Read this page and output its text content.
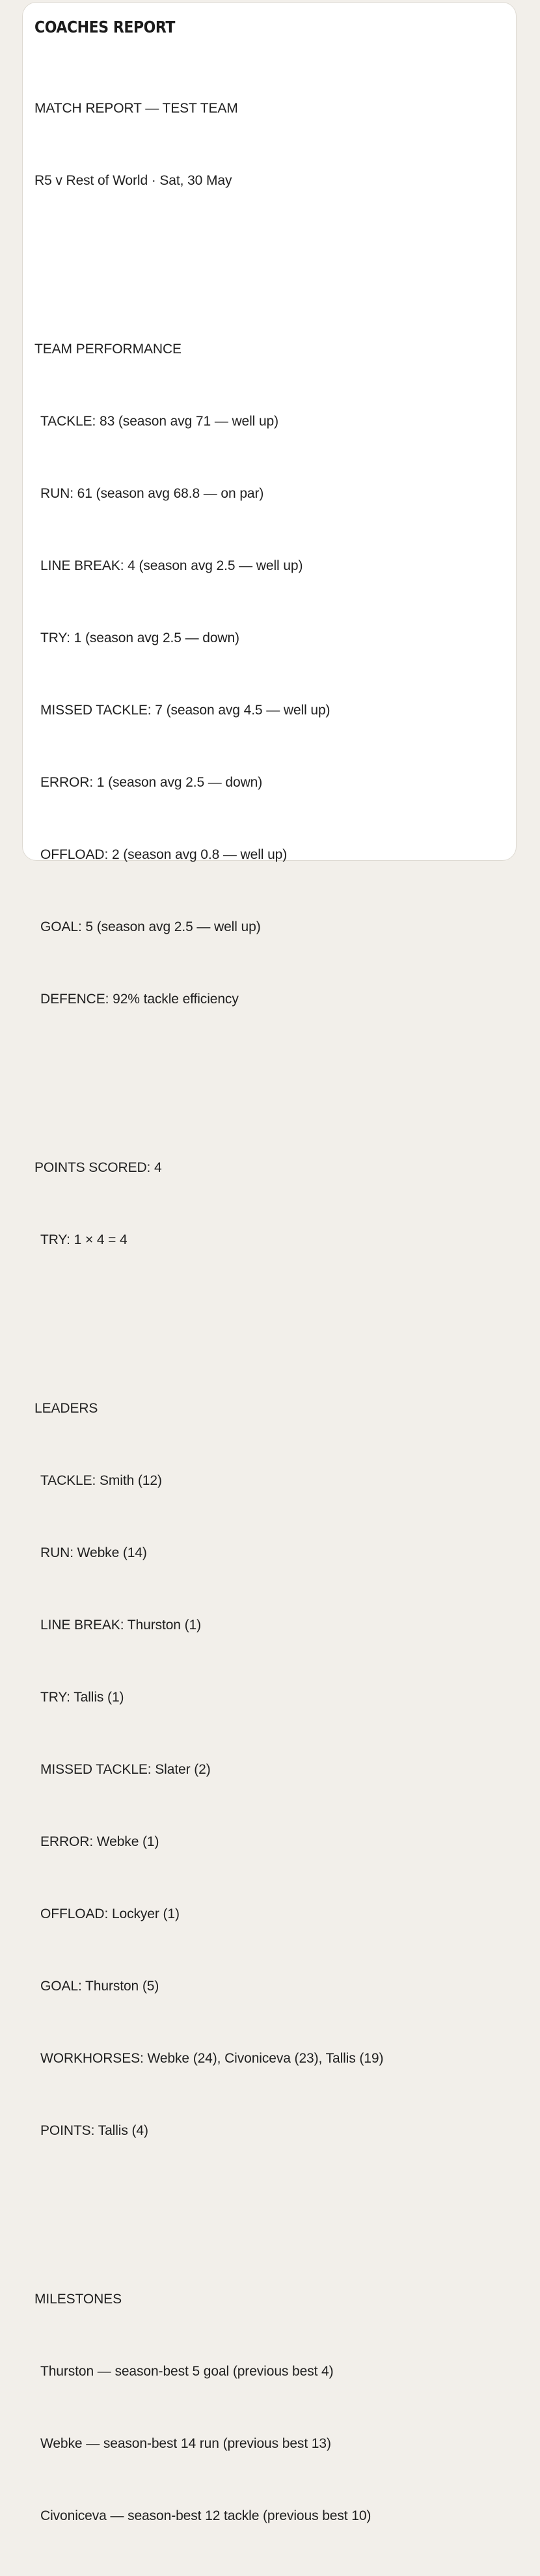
COACHES REPORT

MATCH REPORT — TEST TEAM

R5 v Rest of World · Sat, 30 May

TEAM PERFORMANCE

TACKLE: 83 (season avg 71 — well up)

RUN: 61 (season avg 68.8 — on par)

LINE BREAK: 4 (season avg 2.5 — well up)

TRY: 1 (season avg 2.5 — down)

MISSED TACKLE: 7 (season avg 4.5 — well up)

ERROR: 1 (season avg 2.5 — down)

OFFLOAD: 2 (season avg 0.8 — well up)

GOAL: 5 (season avg 2.5 — well up)

DEFENCE: 92% tackle efficiency

POINTS SCORED: 4

TRY: 1 × 4 = 4

LEADERS

TACKLE: Smith (12)

RUN: Webke (14)

LINE BREAK: Thurston (1)

TRY: Tallis (1)

MISSED TACKLE: Slater (2)

ERROR: Webke (1)

OFFLOAD: Lockyer (1)

GOAL: Thurston (5)

WORKHORSES: Webke (24), Civoniceva (23), Tallis (19)

POINTS: Tallis (4)

MILESTONES

Thurston — season-best 5 goal (previous best 4)

Webke — season-best 14 run (previous best 13)

Civoniceva — season-best 12 tackle (previous best 10)
